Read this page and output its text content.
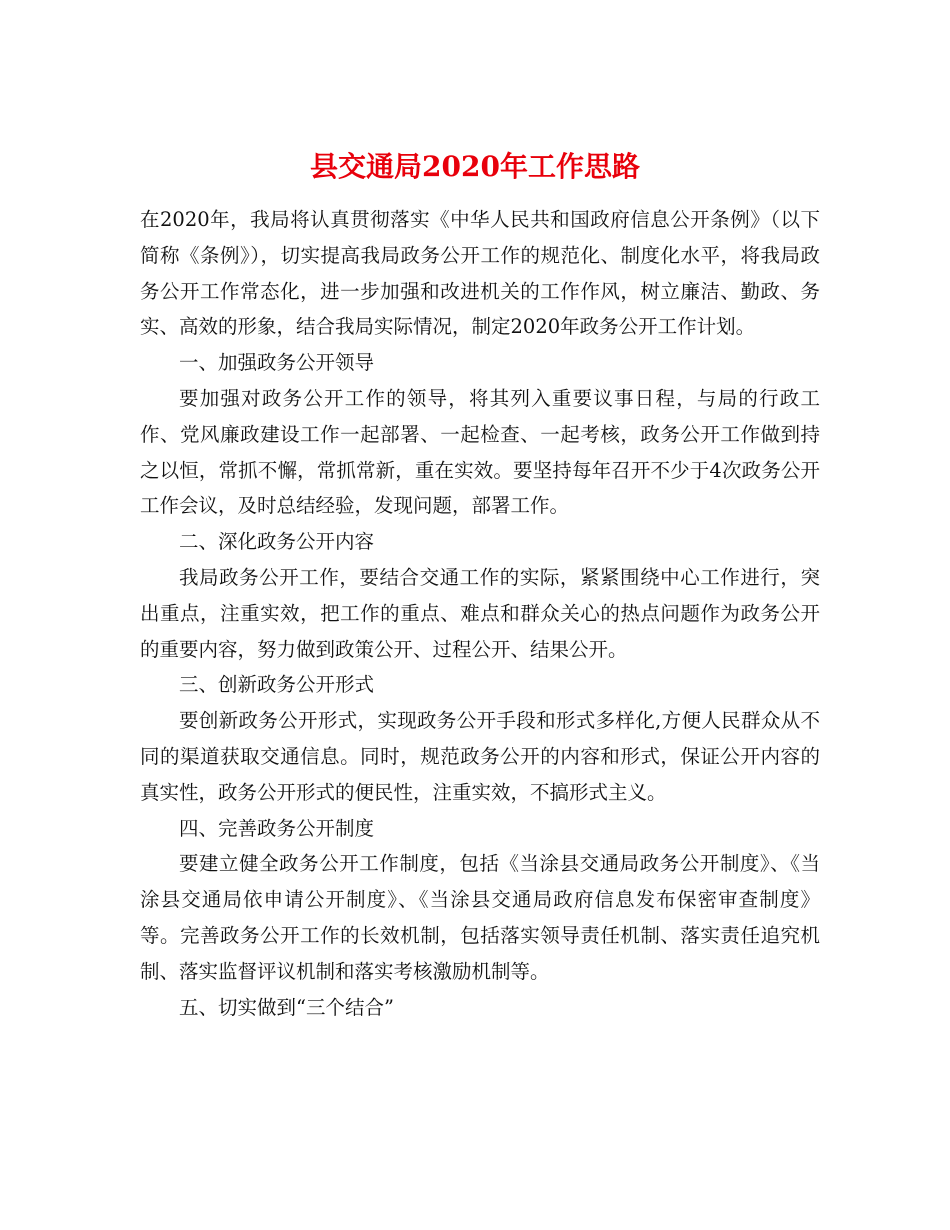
县交通局2020年工作思路

在2020年，我局将认真贯彻落实《中华人民共和国政府信息公开条例》（以下简称《条例》），切实提高我局政务公开工作的规范化、制度化水平，将我局政务公开工作常态化，进一步加强和改进机关的工作作风，树立廉洁、勤政、务实、高效的形象，结合我局实际情况，制定2020年政务公开工作计划。

一、加强政务公开领导

要加强对政务公开工作的领导，将其列入重要议事日程，与局的行政工作、党风廉政建设工作一起部署、一起检查、一起考核，政务公开工作做到持之以恒，常抓不懈，常抓常新，重在实效。要坚持每年召开不少于4次政务公开工作会议，及时总结经验，发现问题，部署工作。

二、深化政务公开内容

我局政务公开工作，要结合交通工作的实际，紧紧围绕中心工作进行，突出重点，注重实效，把工作的重点、难点和群众关心的热点问题作为政务公开的重要内容，努力做到政策公开、过程公开、结果公开。

三、创新政务公开形式

要创新政务公开形式，实现政务公开手段和形式多样化,方便人民群众从不同的渠道获取交通信息。同时，规范政务公开的内容和形式，保证公开内容的真实性，政务公开形式的便民性，注重实效，不搞形式主义。

四、完善政务公开制度

要建立健全政务公开工作制度，包括《当涂县交通局政务公开制度》、《当涂县交通局依申请公开制度》、《当涂县交通局政府信息发布保密审查制度》等。完善政务公开工作的长效机制，包括落实领导责任机制、落实责任追究机制、落实监督评议机制和落实考核激励机制等。

五、切实做到“三个结合”
